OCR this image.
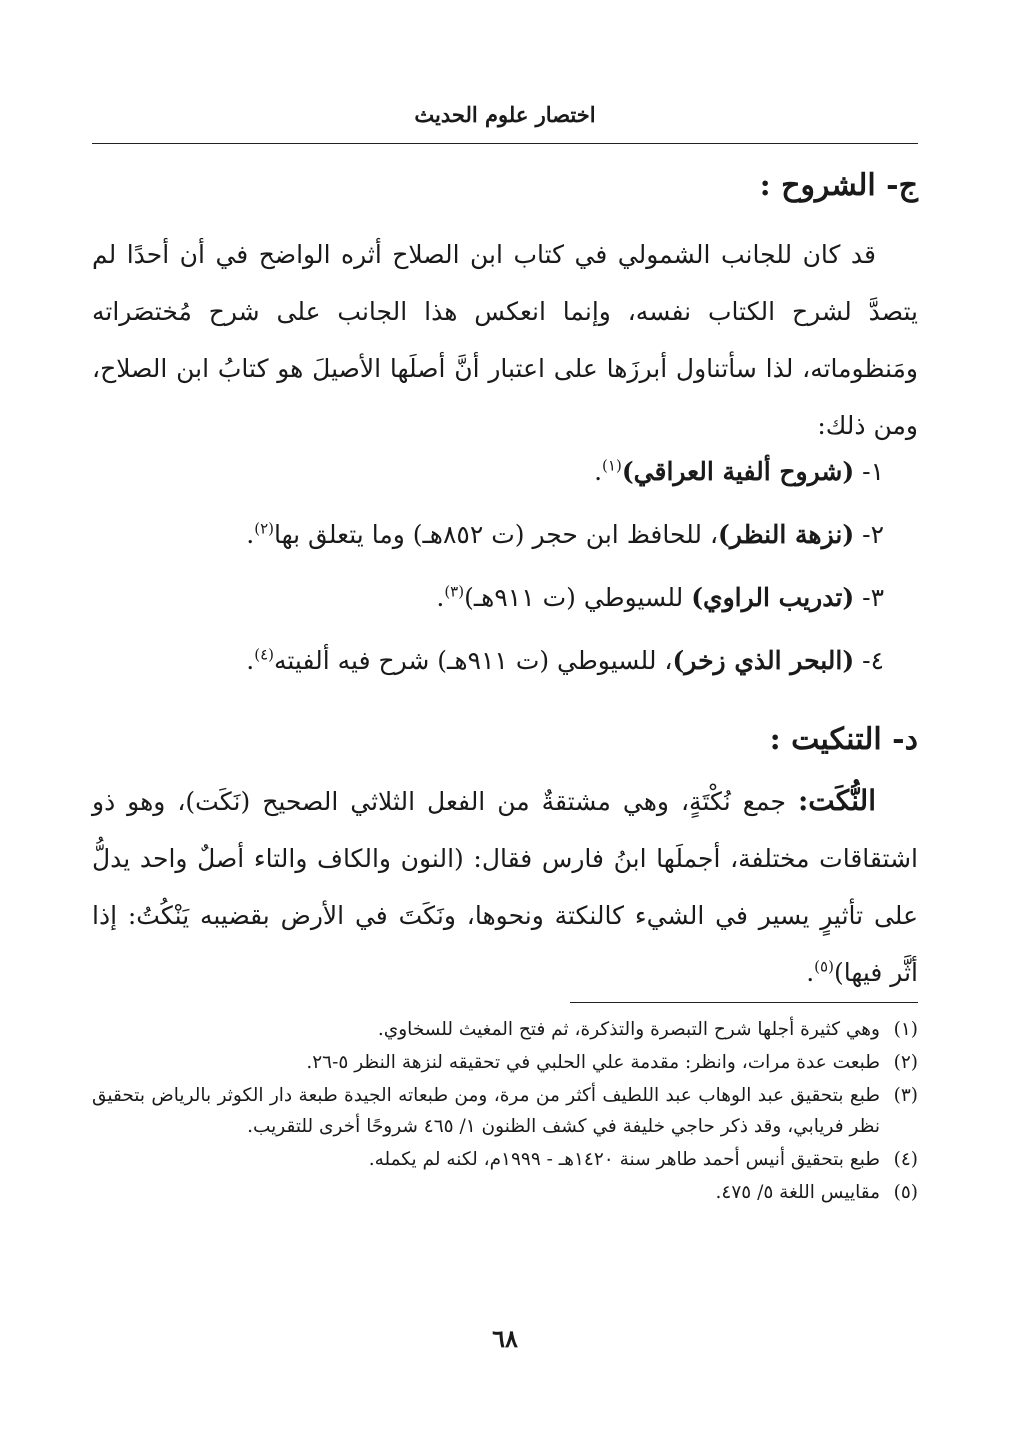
اختصار علوم الحديث
ج- الشروح :

قد كان للجانب الشمولي في كتاب ابن الصلاح أثره الواضح في أن أحدًا لم يتصدَّ لشرح الكتاب نفسه، وإنما انعكس هذا الجانب على شرح مُختصَراته ومَنظوماته، لذا سأتناول أبرزَها على اعتبار أنَّ أصلَها الأصيلَ هو كتابُ ابن الصلاح، ومن ذلك:

١- (شروح ألفية العراقي)$^{(١)}$.
٢- (نزهة النظر)، للحافظ ابن حجر (ت ٨٥٢هـ) وما يتعلق بها$^{(٢)}$.
٣- (تدريب الراوي) للسيوطي (ت ٩١١هـ)$^{(٣)}$.
٤- (البحر الذي زخر)، للسيوطي (ت ٩١١هـ) شرح فيه ألفيته$^{(٤)}$.
د- التنكيت :

النُّكَت: جمع نُكْتَةٍ، وهي مشتقةٌ من الفعل الثلاثي الصحيح (نَكَت)، وهو ذو اشتقاقات مختلفة، أجملَها ابنُ فارس فقال: (النون والكاف والتاء أصلٌ واحد يدلُّ على تأثيرٍ يسير في الشيء كالنكتة ونحوها، ونَكَتَ في الأرض بقضيبه يَنْكُتُ: إذا أثَّر فيها)$^{(٥)}$.

(١)
وهي كثيرة أجلها شرح التبصرة والتذكرة، ثم فتح المغيث للسخاوي.
(٢)
طبعت عدة مرات، وانظر: مقدمة علي الحلبي في تحقيقه لنزهة النظر ٥-٢٦.
(٣)
طبع بتحقيق عبد الوهاب عبد اللطيف أكثر من مرة، ومن طبعاته الجيدة طبعة دار الكوثر بالرياض بتحقيق نظر فريابي، وقد ذكر حاجي خليفة في كشف الظنون ١/ ٤٦٥ شروحًا أخرى للتقريب.
(٤)
طبع بتحقيق أنيس أحمد طاهر سنة ١٤٢٠هـ - ١٩٩٩م، لكنه لم يكمله.
(٥)
مقاييس اللغة ٥/ ٤٧٥.
٦٨
